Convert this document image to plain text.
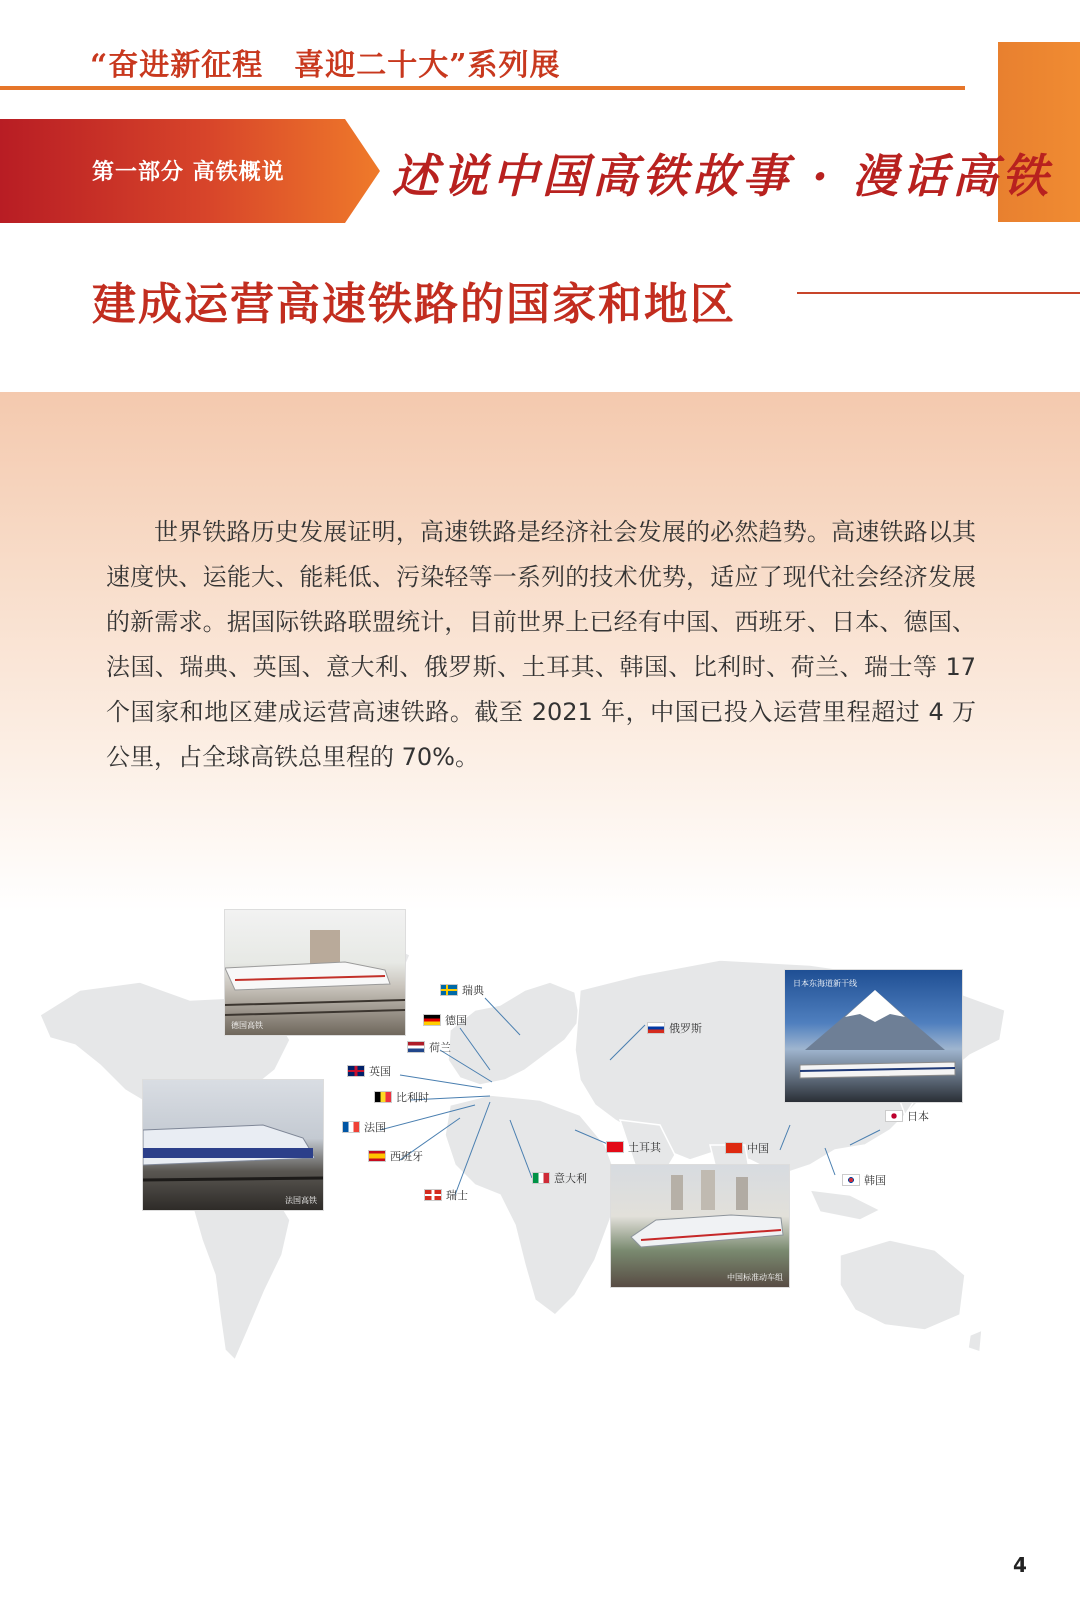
“奋进新征程　喜迎二十大”系列展
第一部分 高铁概说 述说中国高铁故事 · 漫话高铁
建成运营高速铁路的国家和地区
世界铁路历史发展证明，高速铁路是经济社会发展的必然趋势。高速铁路以其速度快、运能大、能耗低、污染轻等一系列的技术优势，适应了现代社会经济发展的新需求。据国际铁路联盟统计，目前世界上已经有中国、西班牙、日本、德国、法国、瑞典、英国、意大利、俄罗斯、土耳其、韩国、比利时、荷兰、瑞士等 17 个国家和地区建成运营高速铁路。截至 2021 年，中国已投入运营里程超过 4 万公里，占全球高铁总里程的 70%。
德国高铁
法国高铁
日本东海道新干线
中国标准动车组
瑞典
德国
荷兰
英国
比利时
法国
西班牙
瑞士
意大利
土耳其
俄罗斯
中国
日本
韩国
4
